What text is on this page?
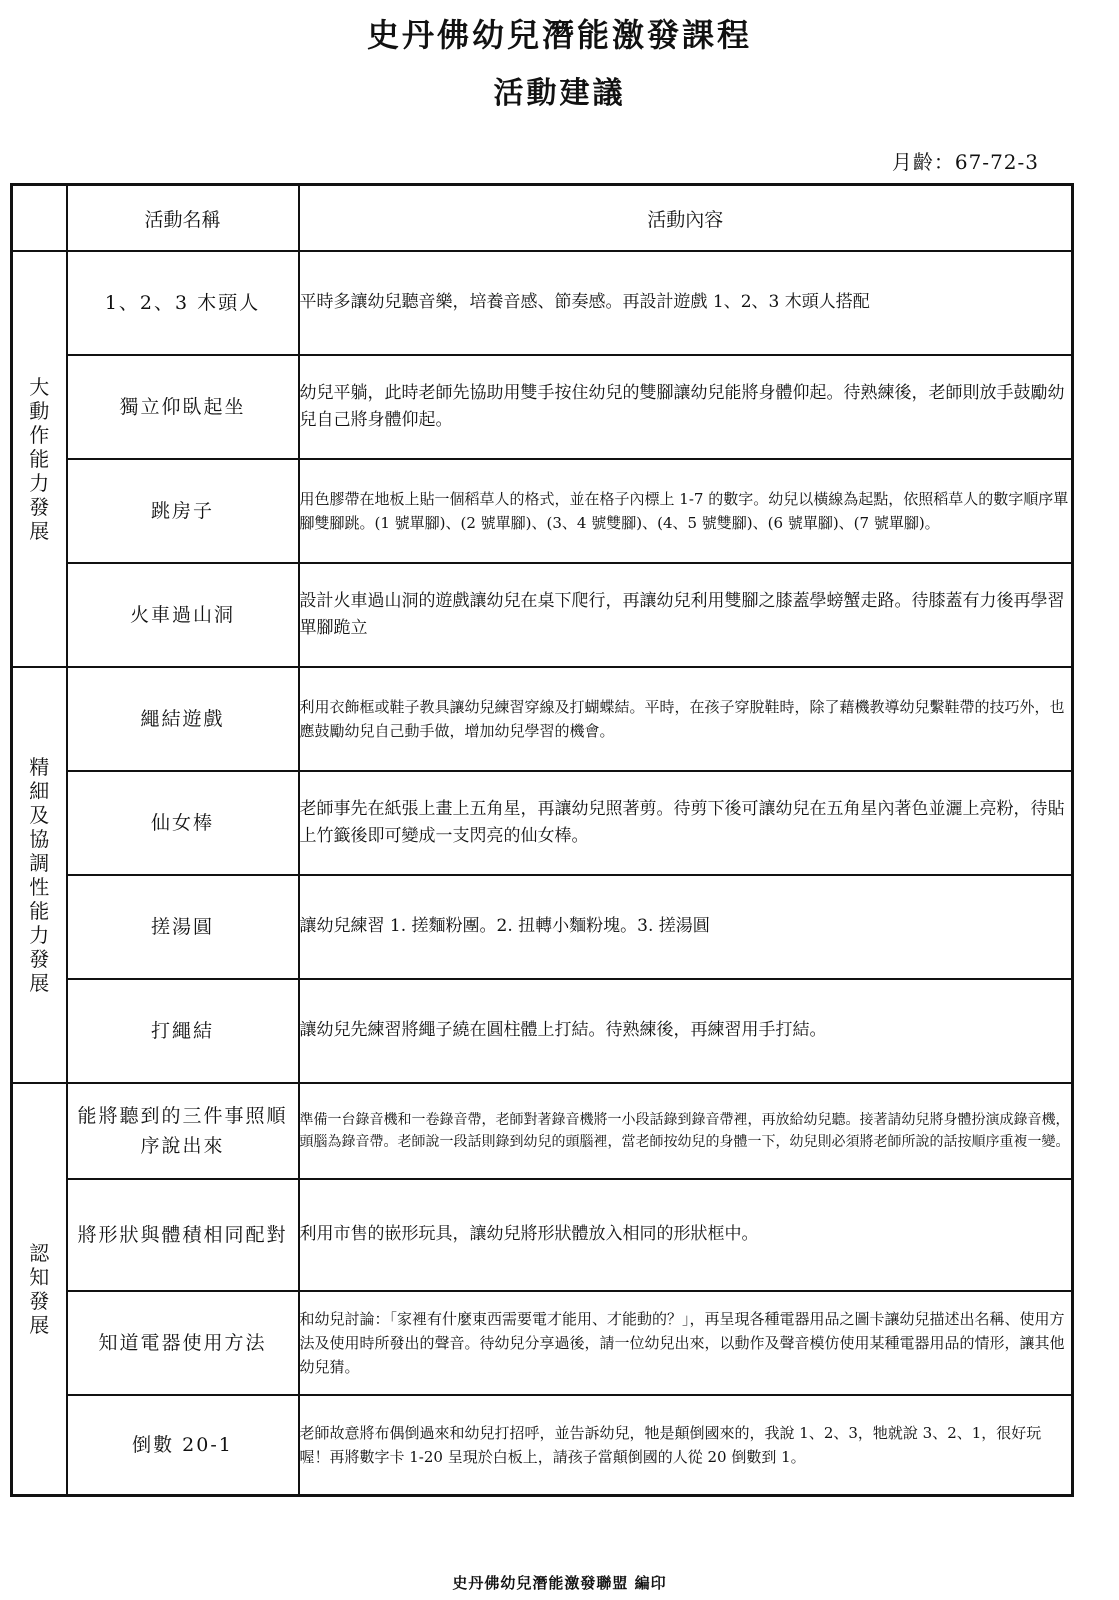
史丹佛幼兒潛能激發課程
活動建議
月齡：67-72-3
	活動名稱	活動內容
大動作能力發展	1、2、3 木頭人	平時多讓幼兒聽音樂，培養音感、節奏感。再設計遊戲 1、2、3 木頭人搭配
	獨立仰臥起坐	幼兒平躺，此時老師先協助用雙手按住幼兒的雙腳讓幼兒能將身體仰起。待熟練後，老師則放手鼓勵幼兒自己將身體仰起。
	跳房子	用色膠帶在地板上貼一個稻草人的格式，並在格子內標上 1-7 的數字。幼兒以橫線為起點，依照稻草人的數字順序單腳雙腳跳。(1 號單腳)、(2 號單腳)、(3、4 號雙腳)、(4、5 號雙腳)、(6 號單腳)、(7 號單腳)。
	火車過山洞	設計火車過山洞的遊戲讓幼兒在桌下爬行，再讓幼兒利用雙腳之膝蓋學螃蟹走路。待膝蓋有力後再學習單腳跪立
精細及協調性能力發展	繩結遊戲	利用衣飾框或鞋子教具讓幼兒練習穿線及打蝴蝶結。平時，在孩子穿脫鞋時，除了藉機教導幼兒繫鞋帶的技巧外，也應鼓勵幼兒自己動手做，增加幼兒學習的機會。
	仙女棒	老師事先在紙張上畫上五角星，再讓幼兒照著剪。待剪下後可讓幼兒在五角星內著色並灑上亮粉，待貼上竹籤後即可變成一支閃亮的仙女棒。
	搓湯圓	讓幼兒練習 1. 搓麵粉團。2. 扭轉小麵粉塊。3. 搓湯圓
	打繩結	讓幼兒先練習將繩子繞在圓柱體上打結。待熟練後，再練習用手打結。
認知發展	能將聽到的三件事照順序說出來	準備一台錄音機和一卷錄音帶，老師對著錄音機將一小段話錄到錄音帶裡，再放給幼兒聽。接著請幼兒將身體扮演成錄音機，頭腦為錄音帶。老師說一段話則錄到幼兒的頭腦裡，當老師按幼兒的身體一下，幼兒則必須將老師所說的話按順序重複一變。
	將形狀與體積相同配對	利用市售的嵌形玩具，讓幼兒將形狀體放入相同的形狀框中。
	知道電器使用方法	和幼兒討論：「家裡有什麼東西需要電才能用、才能動的？」，再呈現各種電器用品之圖卡讓幼兒描述出名稱、使用方法及使用時所發出的聲音。待幼兒分享過後，請一位幼兒出來，以動作及聲音模仿使用某種電器用品的情形，讓其他幼兒猜。
	倒數 20-1	老師故意將布偶倒過來和幼兒打招呼，並告訴幼兒，牠是顛倒國來的，我說 1、2、3，牠就說 3、2、1，很好玩喔！再將數字卡 1-20 呈現於白板上，請孩子當顛倒國的人從 20 倒數到 1。
史丹佛幼兒潛能激發聯盟 編印
